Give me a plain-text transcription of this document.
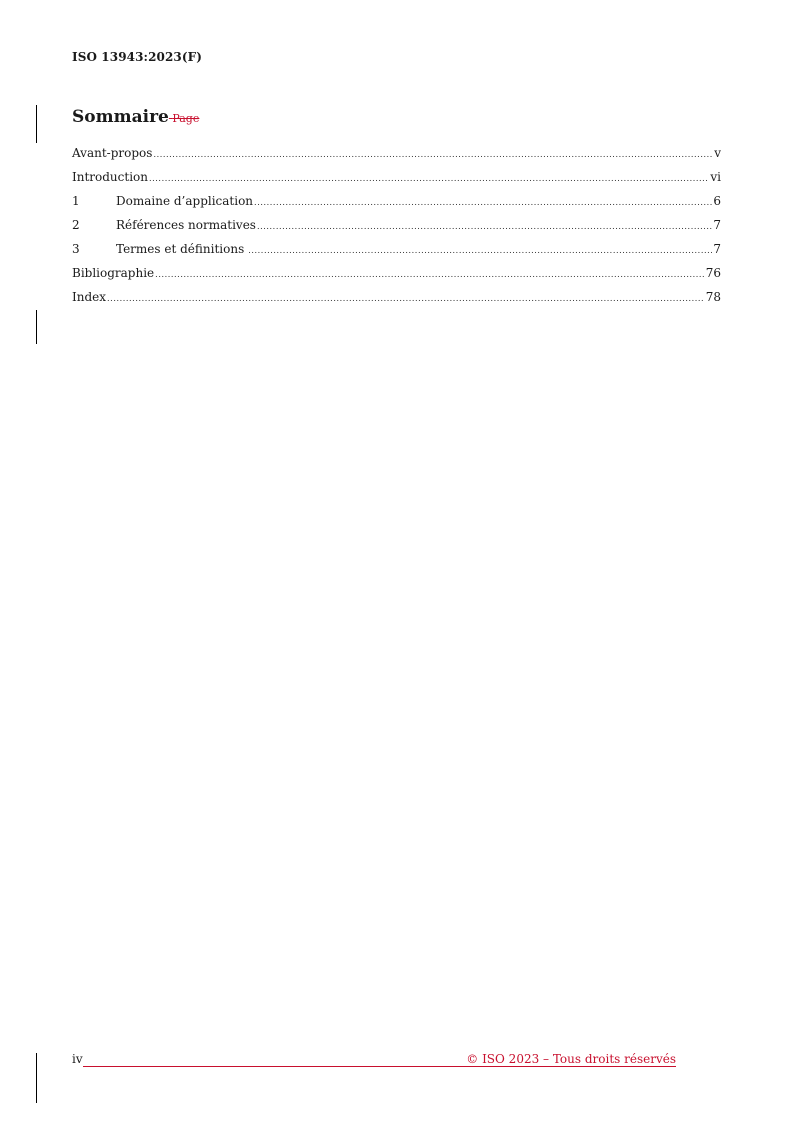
ISO 13943:2023(F)
Sommaire Page
Avant-propos .....	v
Introduction .....	vi
1	Domaine d’application .....	6
2	Références normatives .....	7
3	Termes et définitions .....	7
Bibliographie .....	76
Index .....	78
iv	© ISO 2023 – Tous droits réservés
